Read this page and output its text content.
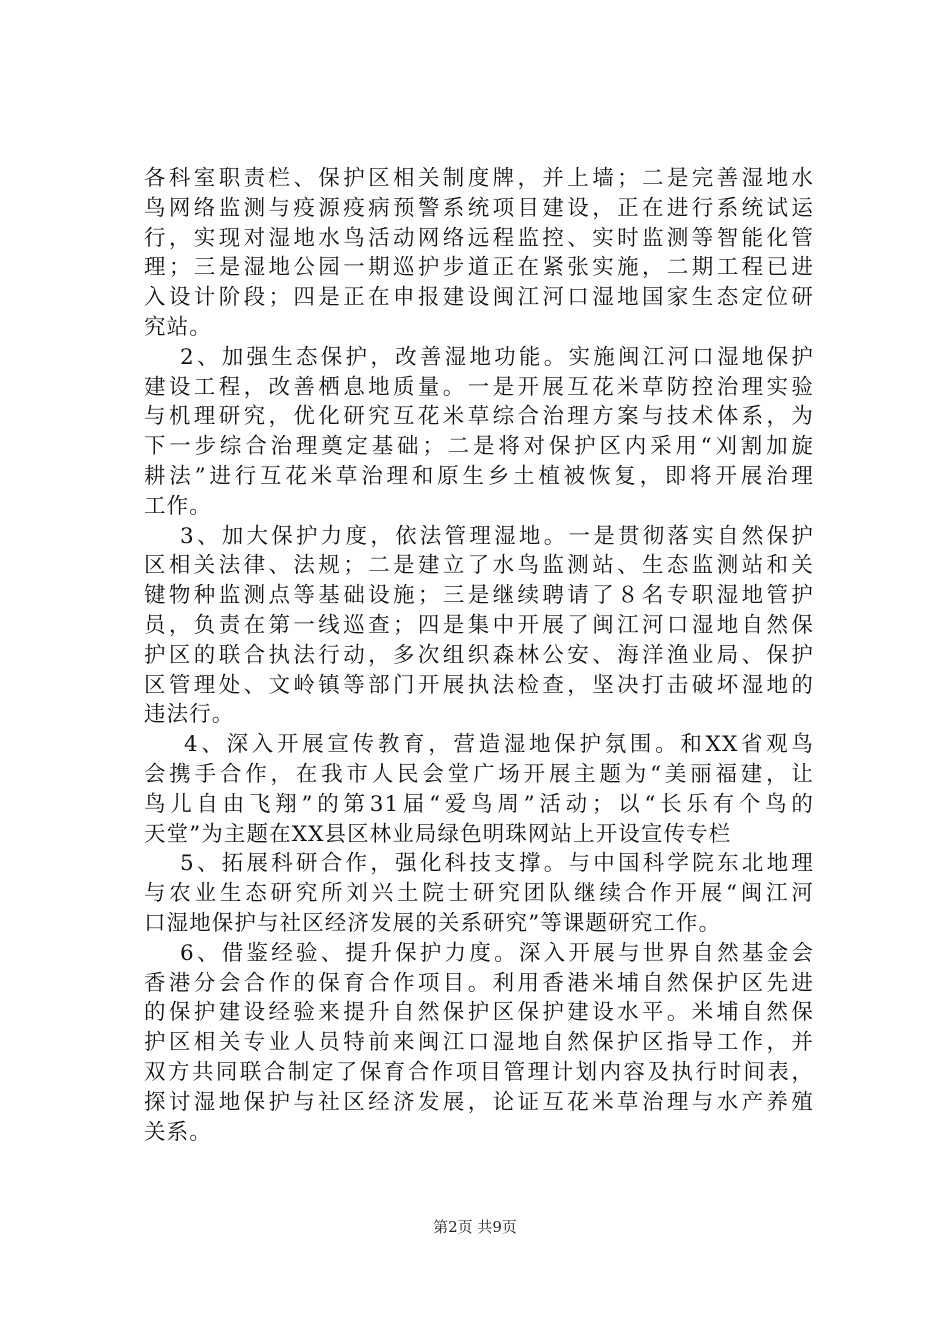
各科室职责栏、保护区相关制度牌，并上墙；二是完善湿地水
鸟网络监测与疫源疫病预警系统项目建设，正在进行系统试运
行，实现对湿地水鸟活动网络远程监控、实时监测等智能化管
理；三是湿地公园一期巡护步道正在紧张实施，二期工程已进
入设计阶段；四是正在申报建设闽江河口湿地国家生态定位研
究站。
2、加强生态保护，改善湿地功能。实施闽江河口湿地保护
建设工程，改善栖息地质量。一是开展互花米草防控治理实验
与机理研究，优化研究互花米草综合治理方案与技术体系，为
下一步综合治理奠定基础；二是将对保护区内采用“刈割加旋
耕法”进行互花米草治理和原生乡土植被恢复，即将开展治理
工作。
3、加大保护力度，依法管理湿地。一是贯彻落实自然保护
区相关法律、法规；二是建立了水鸟监测站、生态监测站和关
键物种监测点等基础设施；三是继续聘请了８名专职湿地管护
员，负责在第一线巡查；四是集中开展了闽江河口湿地自然保
护区的联合执法行动，多次组织森林公安、海洋渔业局、保护
区管理处、文岭镇等部门开展执法检查，坚决打击破坏湿地的
违法行。
4、深入开展宣传教育，营造湿地保护氛围。和XX省观鸟
会携手合作，在我市人民会堂广场开展主题为“美丽福建，让
鸟儿自由飞翔”的第31届“爱鸟周”活动；以“长乐有个鸟的
天堂”为主题在XX县区林业局绿色明珠网站上开设宣传专栏
5、拓展科研合作，强化科技支撑。与中国科学院东北地理
与农业生态研究所刘兴土院士研究团队继续合作开展“闽江河
口湿地保护与社区经济发展的关系研究”等课题研究工作。
6、借鉴经验、提升保护力度。深入开展与世界自然基金会
香港分会合作的保育合作项目。利用香港米埔自然保护区先进
的保护建设经验来提升自然保护区保护建设水平。米埔自然保
护区相关专业人员特前来闽江口湿地自然保护区指导工作，并
双方共同联合制定了保育合作项目管理计划内容及执行时间表，
探讨湿地保护与社区经济发展，论证互花米草治理与水产养殖
关系。
第2页 共9页
